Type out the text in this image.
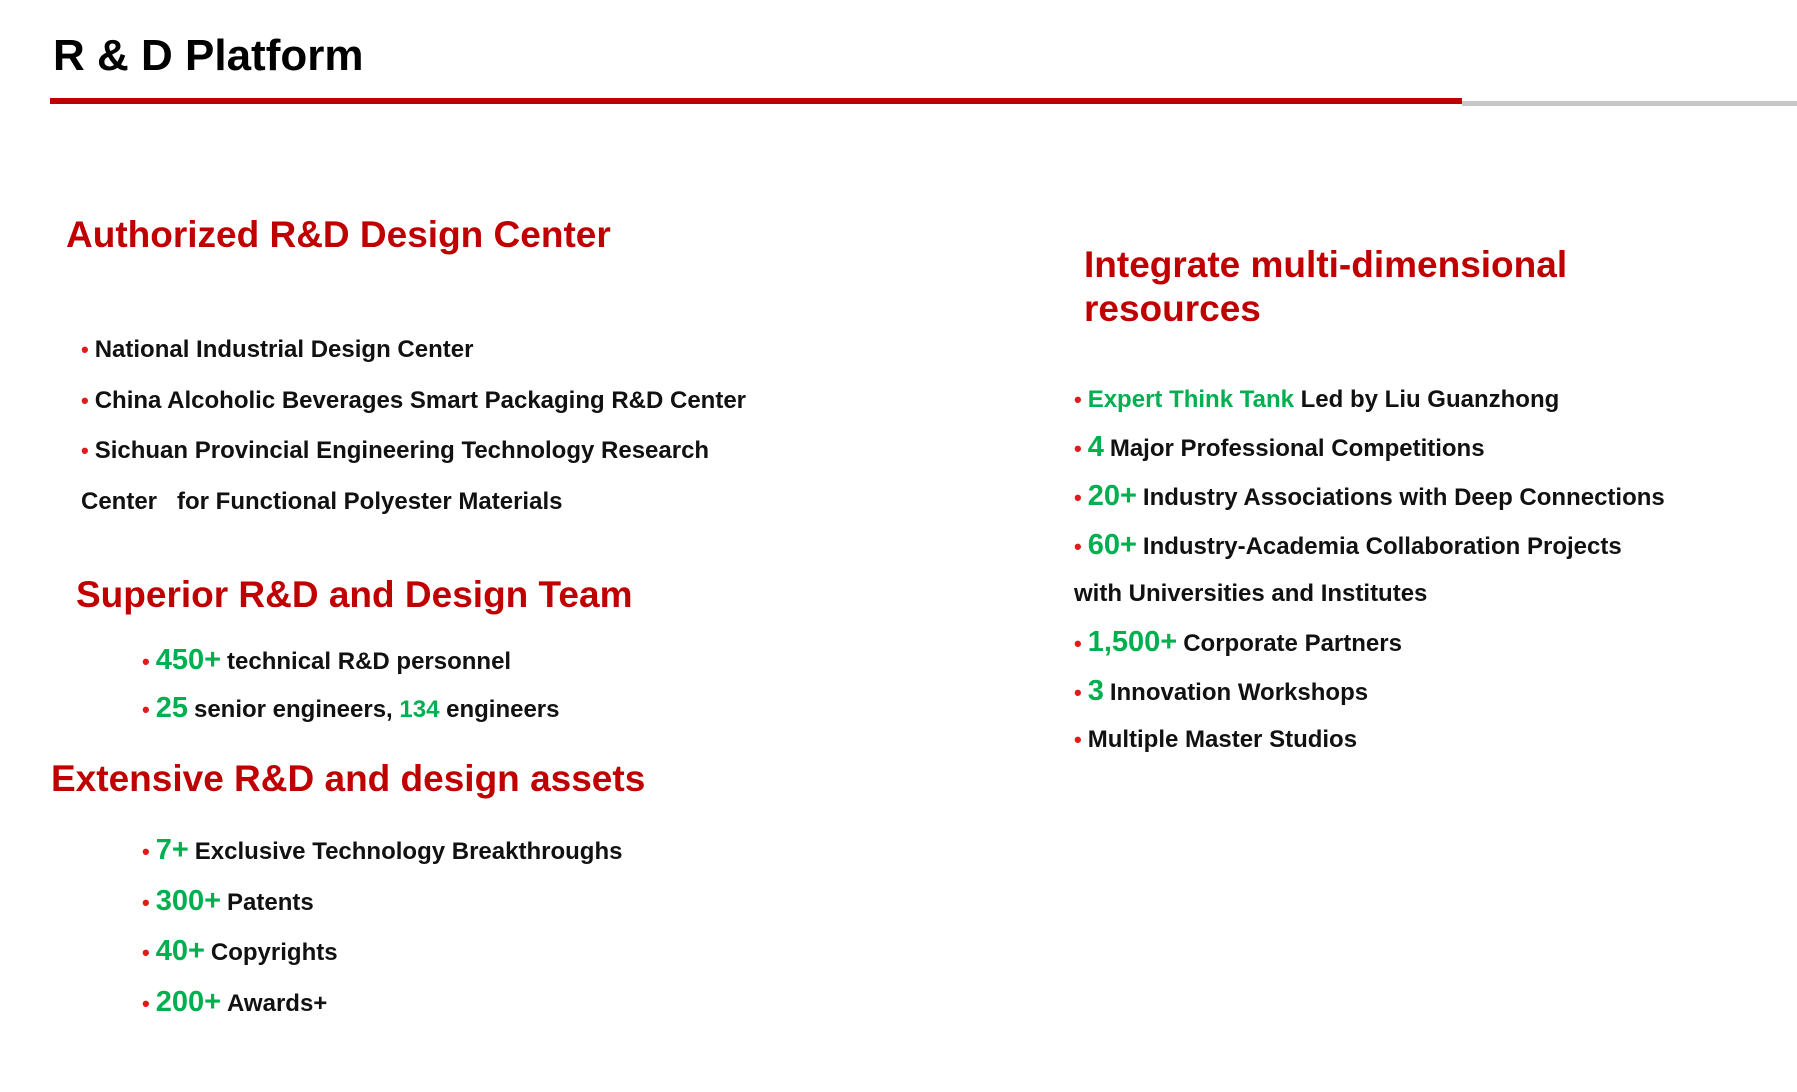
R & D Platform
Authorized R&D Design Center
• National Industrial Design Center
• China Alcoholic Beverages Smart Packaging R&D Center
• Sichuan Provincial Engineering Technology Research
Center   for Functional Polyester Materials
Superior R&D and Design Team
• 450+ technical R&D personnel
• 25 senior engineers, 134 engineers
Extensive R&D and design assets
• 7+ Exclusive Technology Breakthroughs
• 300+ Patents
• 40+ Copyrights
• 200+ Awards+
Integrate multi-dimensional
resources
• Expert Think Tank Led by Liu Guanzhong
• 4 Major Professional Competitions
• 20+ Industry Associations with Deep Connections
• 60+ Industry-Academia Collaboration Projects
with Universities and Institutes
• 1,500+ Corporate Partners
• 3 Innovation Workshops
• Multiple Master Studios
